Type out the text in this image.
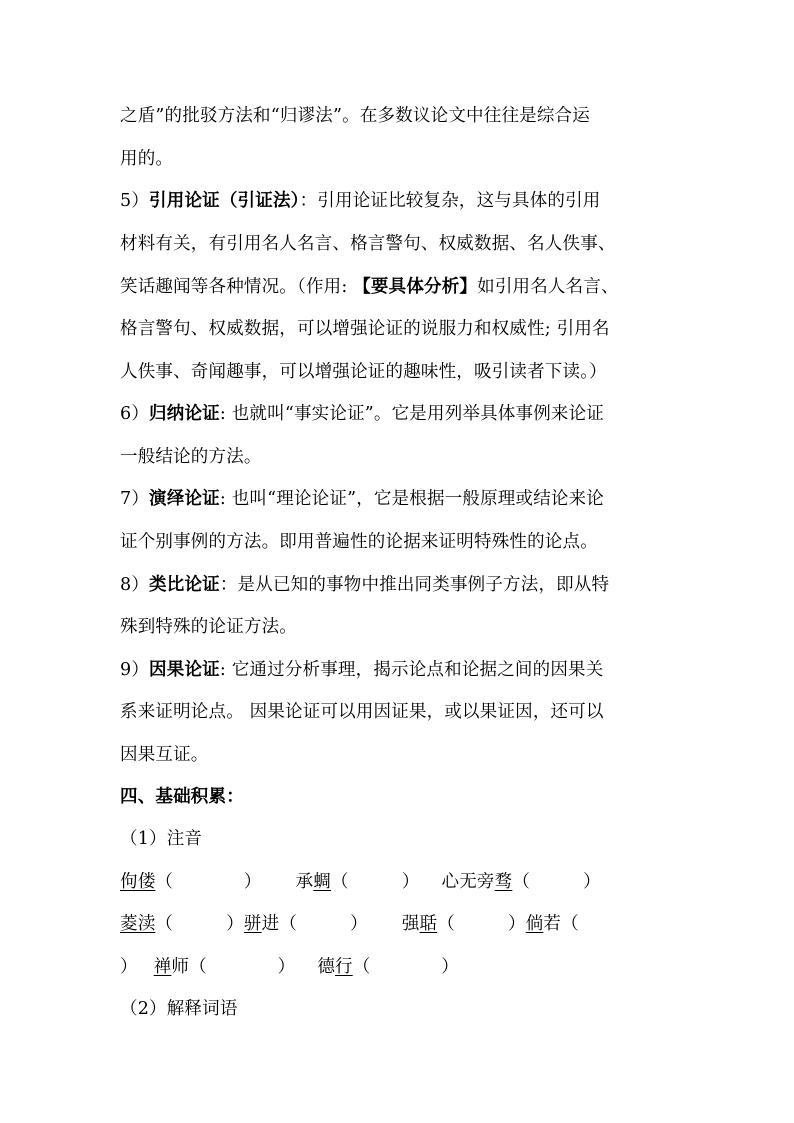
之盾”的批驳方法和“归谬法”。在多数议论文中往往是综合运
用的。
5）引用论证（引证法）：引用论证比较复杂，这与具体的引用
材料有关，有引用名人名言、格言警句、权威数据、名人佚事、
笑话趣闻等各种情况。（作用: 【要具体分析】如引用名人名言、
格言警句、权威数据，可以增强论证的说服力和权威性; 引用名
人佚事、奇闻趣事，可以增强论证的趣味性，吸引读者下读。）
6）归纳论证: 也就叫“事实论证”。它是用列举具体事例来论证
一般结论的方法。
7）演绎论证: 也叫“理论论证”，它是根据一般原理或结论来论
证个别事例的方法。即用普遍性的论据来证明特殊性的论点。
8）类比论证：是从已知的事物中推出同类事例子方法，即从特
殊到特殊的论证方法。
9）因果论证: 它通过分析事理，揭示论点和论据之间的因果关
系来证明论点。 因果论证可以用因证果，或以果证因，还可以
因果互证。
四、基础积累：
（1）注音
佝偻（　　　　） 承蜩（　　　） 心无旁骛（　　　）
菱渎（　　　）骈进（　　　） 强聒（　　　）倘若（
） 禅师（　　　　） 德行（　　　　）
（2）解释词语
